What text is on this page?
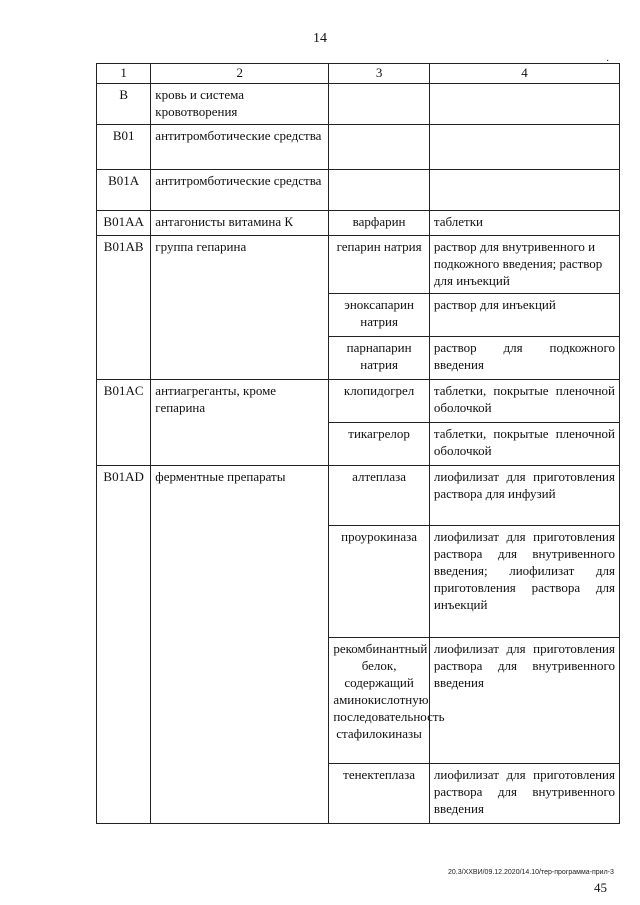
14
·
1	2	3	4
B	кровь и система кровотворения		
B01	антитромботические средства		
B01A	антитромботические средства		
B01AA	антагонисты витамина К	варфарин	таблетки
B01AB	группа гепарина	гепарин натрия	раствор для внутривенного и подкожного введения; раствор для инъекций
		эноксапарин натрия	раствор для инъекций
		парнапарин натрия	раствор для подкожного введения
B01AC	антиагреганты, кроме гепарина	клопидогрел	таблетки, покрытые пленочной оболочкой
		тикагрелор	таблетки, покрытые пленочной оболочкой
B01AD	ферментные препараты	алтеплаза	лиофилизат для приготовления раствора для инфузий
		проурокиназа	лиофилизат для приготовления раствора для внутривенного введения; лиофилизат для приготовления раствора для инъекций
		рекомбинантный белок, содержащий аминокислотную последовательность стафилокиназы	лиофилизат для приготовления раствора для внутривенного введения
		тенектеплаза	лиофилизат для приготовления раствора для внутривенного введения
20.3/ХХВИ/09.12.2020/14.10/тер-программа-прил-3
45
